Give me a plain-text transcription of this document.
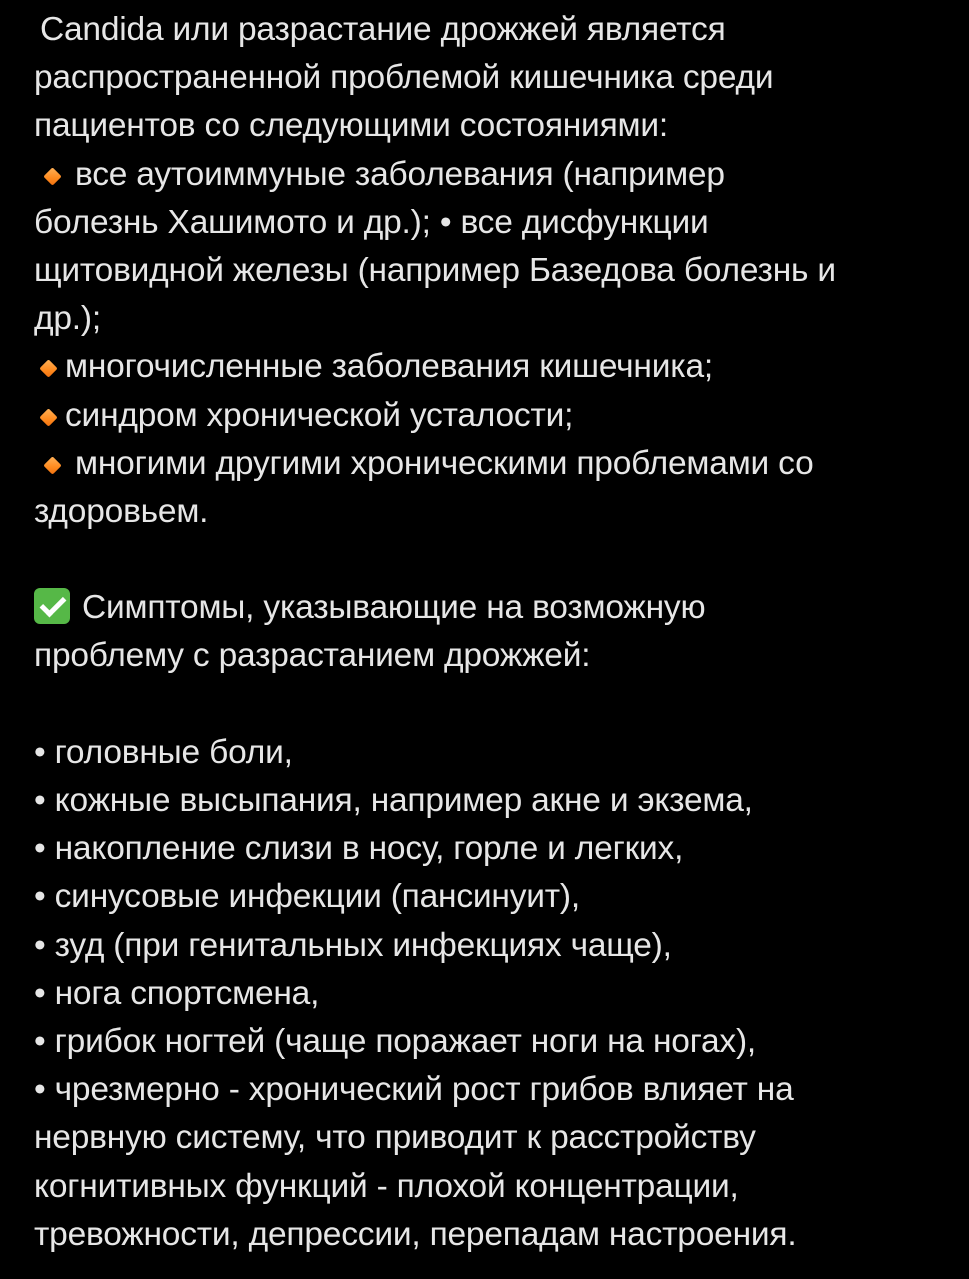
Candida или разрастание дрожжей является
распространенной проблемой кишечника среди
пациентов со следующими состояниями:
все аутоиммуные заболевания (например
болезнь Хашимото и др.); • все дисфункции
щитовидной железы (например Базедова болезнь и
др.);
многочисленные заболевания кишечника;
синдром хронической усталости;
многими другими хроническими проблемами со
здоровьем.
Симптомы, указывающие на возможную
проблему с разрастанием дрожжей:
• головные боли,
• кожные высыпания, например акне и экзема,
• накопление слизи в носу, горле и легких,
• синусовые инфекции (пансинуит),
• зуд (при генитальных инфекциях чаще),
• нога спортсмена,
• грибок ногтей (чаще поражает ноги на ногах),
• чрезмерно - хронический рост грибов влияет на
нервную систему, что приводит к расстройству
когнитивных функций - плохой концентрации,
тревожности, депрессии, перепадам настроения.
